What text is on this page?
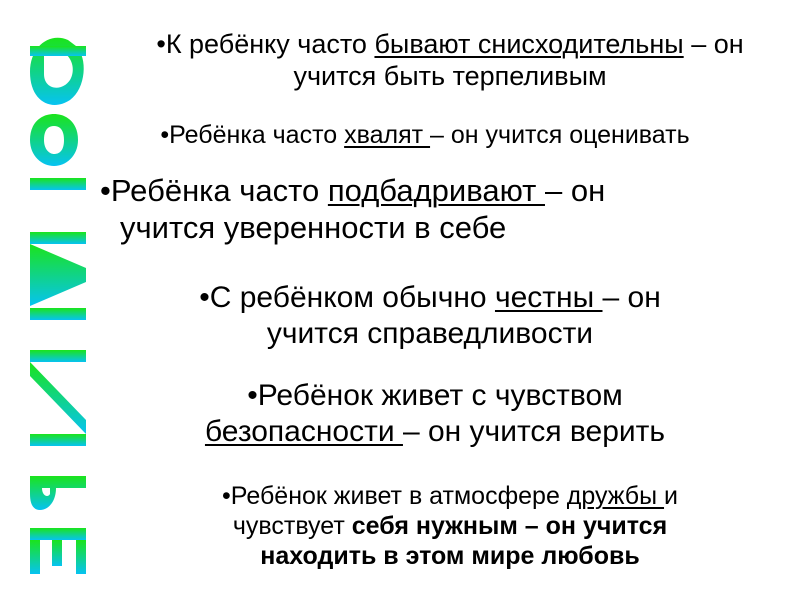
•К ребёнку часто бывают снисходительны – он
учится быть терпеливым
•Ребёнка часто хвалят – он учится оценивать
•Ребёнка часто подбадривают – он
учится уверенности в себе
•С ребёнком обычно честны – он
учится справедливости
•Ребёнок живет с чувством
безопасности – он учится верить
•Ребёнок живет в атмосфере дружбы и
чувствует себя нужным – он учится
находить в этом мире любовь
